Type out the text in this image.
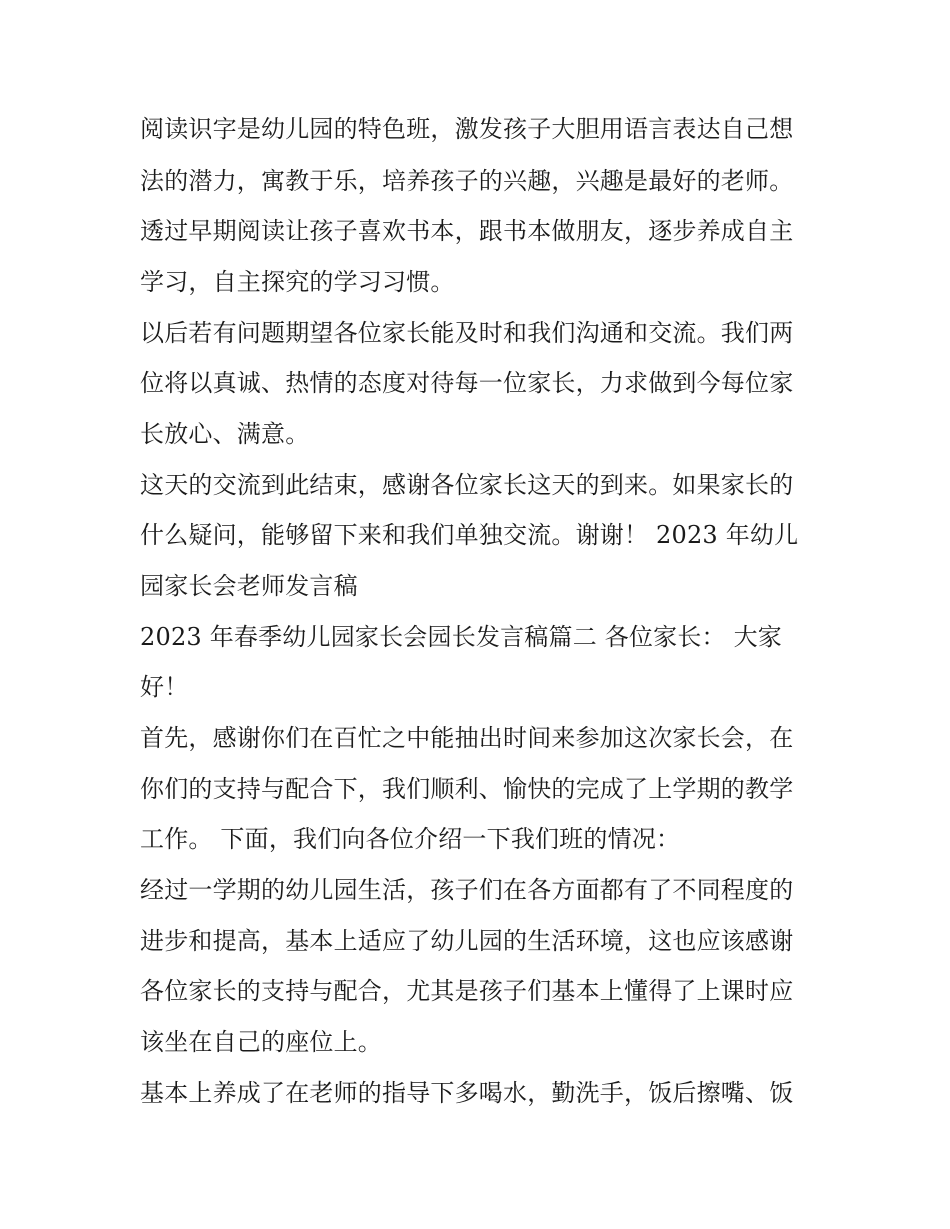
阅读识字是幼儿园的特色班，激发孩子大胆用语言表达自己想
法的潜力，寓教于乐，培养孩子的兴趣，兴趣是最好的老师。
透过早期阅读让孩子喜欢书本，跟书本做朋友，逐步养成自主
学习，自主探究的学习习惯。
以后若有问题期望各位家长能及时和我们沟通和交流。我们两
位将以真诚、热情的态度对待每一位家长，力求做到今每位家
长放心、满意。
这天的交流到此结束，感谢各位家长这天的到来。如果家长的
什么疑问，能够留下来和我们单独交流。谢谢！ 2023 年幼儿
园家长会老师发言稿
2023 年春季幼儿园家长会园长发言稿篇二 各位家长： 大家
好！
首先，感谢你们在百忙之中能抽出时间来参加这次家长会，在
你们的支持与配合下，我们顺利、愉快的完成了上学期的教学
工作。 下面，我们向各位介绍一下我们班的情况：
经过一学期的幼儿园生活，孩子们在各方面都有了不同程度的
进步和提高，基本上适应了幼儿园的生活环境，这也应该感谢
各位家长的支持与配合，尤其是孩子们基本上懂得了上课时应
该坐在自己的座位上。
基本上养成了在老师的指导下多喝水，勤洗手，饭后擦嘴、饭
